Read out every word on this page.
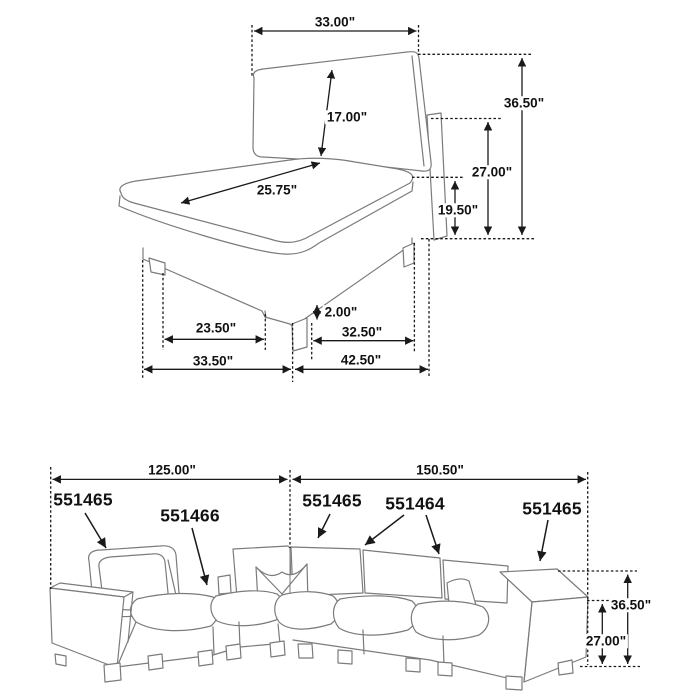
33.00"
17.00"
36.50"
27.00"
25.75"
19.50"
2.00"
23.50"	32.50"
33.50"	42.50"
125.00"	150.50"
36.50"
27.00"
551465
551466
551465 551464	551465
